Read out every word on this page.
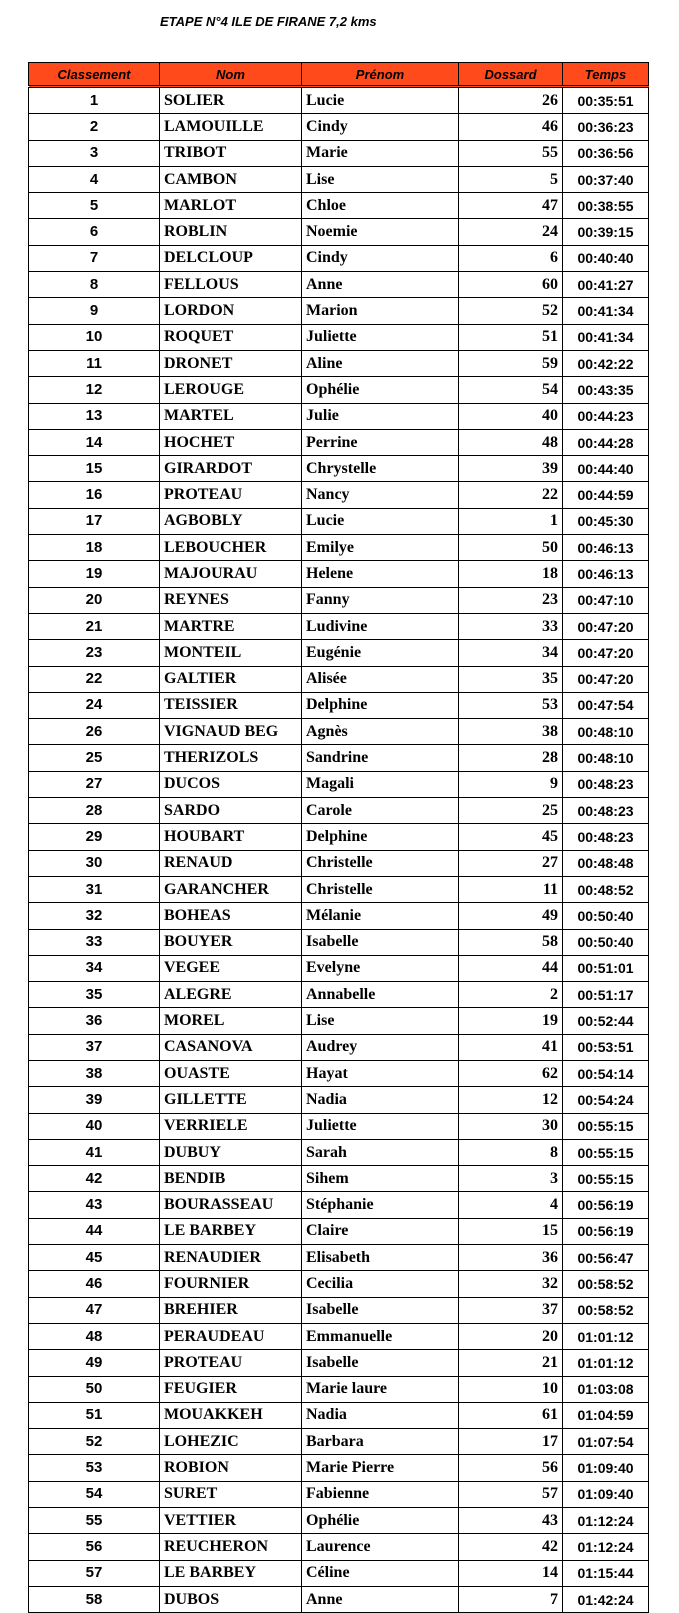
ETAPE N°4 ILE DE FIRANE 7,2 kms
Classement	Nom	Prénom	Dossard	Temps
1	SOLIER	Lucie	26	00:35:51
2	LAMOUILLE	Cindy	46	00:36:23
3	TRIBOT	Marie	55	00:36:56
4	CAMBON	Lise	5	00:37:40
5	MARLOT	Chloe	47	00:38:55
6	ROBLIN	Noemie	24	00:39:15
7	DELCLOUP	Cindy	6	00:40:40
8	FELLOUS	Anne	60	00:41:27
9	LORDON	Marion	52	00:41:34
10	ROQUET	Juliette	51	00:41:34
11	DRONET	Aline	59	00:42:22
12	LEROUGE	Ophélie	54	00:43:35
13	MARTEL	Julie	40	00:44:23
14	HOCHET	Perrine	48	00:44:28
15	GIRARDOT	Chrystelle	39	00:44:40
16	PROTEAU	Nancy	22	00:44:59
17	AGBOBLY	Lucie	1	00:45:30
18	LEBOUCHER	Emilye	50	00:46:13
19	MAJOURAU	Helene	18	00:46:13
20	REYNES	Fanny	23	00:47:10
21	MARTRE	Ludivine	33	00:47:20
23	MONTEIL	Eugénie	34	00:47:20
22	GALTIER	Alisée	35	00:47:20
24	TEISSIER	Delphine	53	00:47:54
26	VIGNAUD BEG	Agnès	38	00:48:10
25	THERIZOLS	Sandrine	28	00:48:10
27	DUCOS	Magali	9	00:48:23
28	SARDO	Carole	25	00:48:23
29	HOUBART	Delphine	45	00:48:23
30	RENAUD	Christelle	27	00:48:48
31	GARANCHER	Christelle	11	00:48:52
32	BOHEAS	Mélanie	49	00:50:40
33	BOUYER	Isabelle	58	00:50:40
34	VEGEE	Evelyne	44	00:51:01
35	ALEGRE	Annabelle	2	00:51:17
36	MOREL	Lise	19	00:52:44
37	CASANOVA	Audrey	41	00:53:51
38	OUASTE	Hayat	62	00:54:14
39	GILLETTE	Nadia	12	00:54:24
40	VERRIELE	Juliette	30	00:55:15
41	DUBUY	Sarah	8	00:55:15
42	BENDIB	Sihem	3	00:55:15
43	BOURASSEAU	Stéphanie	4	00:56:19
44	LE BARBEY	Claire	15	00:56:19
45	RENAUDIER	Elisabeth	36	00:56:47
46	FOURNIER	Cecilia	32	00:58:52
47	BREHIER	Isabelle	37	00:58:52
48	PERAUDEAU	Emmanuelle	20	01:01:12
49	PROTEAU	Isabelle	21	01:01:12
50	FEUGIER	Marie laure	10	01:03:08
51	MOUAKKEH	Nadia	61	01:04:59
52	LOHEZIC	Barbara	17	01:07:54
53	ROBION	Marie Pierre	56	01:09:40
54	SURET	Fabienne	57	01:09:40
55	VETTIER	Ophélie	43	01:12:24
56	REUCHERON	Laurence	42	01:12:24
57	LE BARBEY	Céline	14	01:15:44
58	DUBOS	Anne	7	01:42:24
